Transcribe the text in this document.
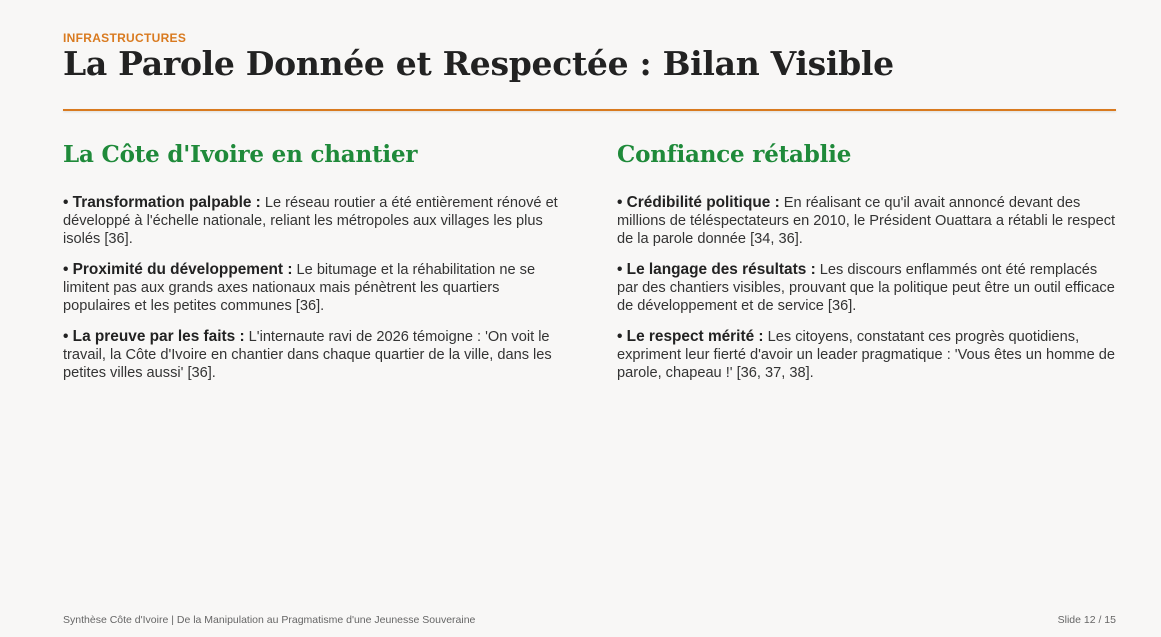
INFRASTRUCTURES
La Parole Donnée et Respectée : Bilan Visible
La Côte d'Ivoire en chantier

• Transformation palpable : Le réseau routier a été entièrement rénové et développé à l'échelle nationale, reliant les métropoles aux villages les plus isolés [36].

• Proximité du développement : Le bitumage et la réhabilitation ne se limitent pas aux grands axes nationaux mais pénètrent les quartiers populaires et les petites communes [36].

• La preuve par les faits : L'internaute ravi de 2026 témoigne : 'On voit le travail, la Côte d'Ivoire en chantier dans chaque quartier de la ville, dans les petites villes aussi' [36].

Confiance rétablie

• Crédibilité politique : En réalisant ce qu'il avait annoncé devant des millions de téléspectateurs en 2010, le Président Ouattara a rétabli le respect de la parole donnée [34, 36].

• Le langage des résultats : Les discours enflammés ont été remplacés par des chantiers visibles, prouvant que la politique peut être un outil efficace de développement et de service [36].

• Le respect mérité : Les citoyens, constatant ces progrès quotidiens, expriment leur fierté d'avoir un leader pragmatique : 'Vous êtes un homme de parole, chapeau !' [36, 37, 38].

Synthèse Côte d'Ivoire | De la Manipulation au Pragmatisme d'une Jeunesse Souveraine	Slide 12 / 15
